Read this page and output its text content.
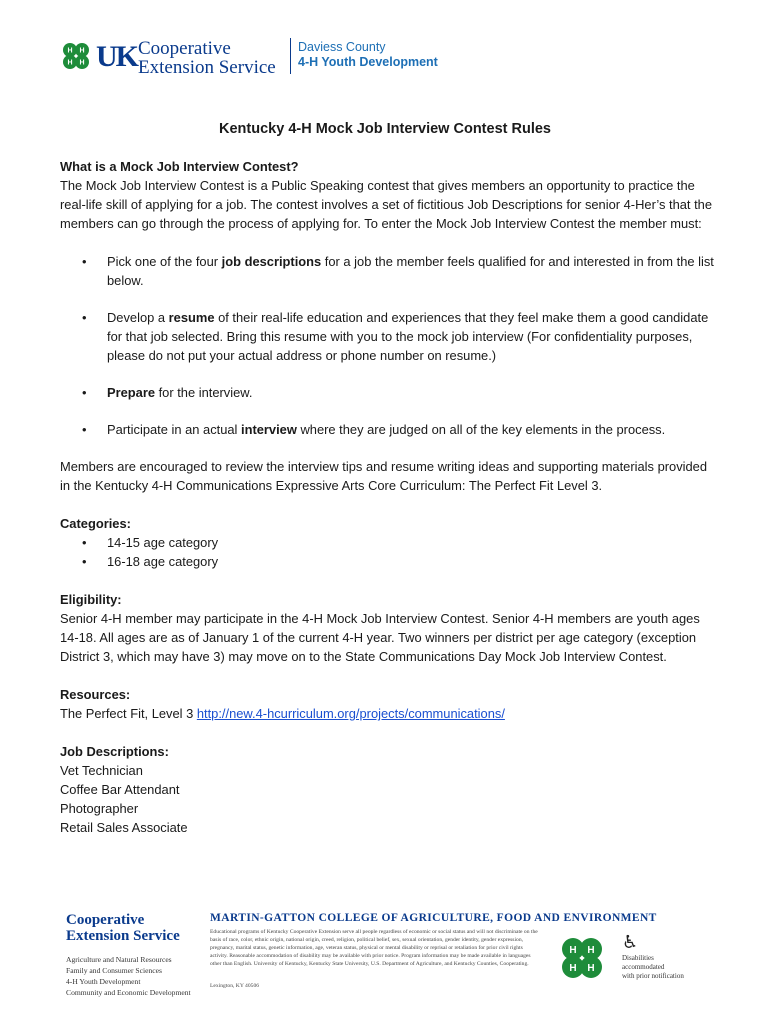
H H
H H UK Cooperative
Extension Service
Daviess County
4-H Youth Development
Kentucky 4-H Mock Job Interview Contest Rules

What is a Mock Job Interview Contest?

The Mock Job Interview Contest is a Public Speaking contest that gives members an opportunity to practice the real-life skill of applying for a job. The contest involves a set of fictitious Job Descriptions for senior 4-Her’s that the members can go through the process of applying for. To enter the Mock Job Interview Contest the member must:

• Pick one of the four job descriptions for a job the member feels qualified for and interested in from the list below.
• Develop a resume of their real-life education and experiences that they feel make them a good candidate for that job selected. Bring this resume with you to the mock job interview (For confidentiality purposes, please do not put your actual address or phone number on resume.)
• Prepare for the interview.
• Participate in an actual interview where they are judged on all of the key elements in the process.

Members are encouraged to review the interview tips and resume writing ideas and supporting materials provided in the Kentucky 4-H Communications Expressive Arts Core Curriculum: The Perfect Fit Level 3.

Categories:

• 14-15 age category
• 16-18 age category

Eligibility:

Senior 4-H member may participate in the 4-H Mock Job Interview Contest. Senior 4-H members are youth ages 14-18. All ages are as of January 1 of the current 4-H year. Two winners per district per age category (exception District 3, which may have 3) may move on to the State Communications Day Mock Job Interview Contest.

Resources:

The Perfect Fit, Level 3 http://new.4-hcurriculum.org/projects/communications/

Job Descriptions:

Vet Technician

Coffee Bar Attendant

Photographer

Retail Sales Associate

Cooperative
Extension Service
Agriculture and Natural Resources
Family and Consumer Sciences
4-H Youth Development
Community and Economic Development
MARTIN-GATTON COLLEGE OF AGRICULTURE, FOOD AND ENVIRONMENT
Educational programs of Kentucky Cooperative Extension serve all people regardless of economic or social status and will not discriminate on the basis of race, color, ethnic origin, national origin, creed, religion, political belief, sex, sexual orientation, gender identity, gender expression, pregnancy, marital status, genetic information, age, veteran status, physical or mental disability or reprisal or retaliation for prior civil rights activity. Reasonable accommodation of disability may be available with prior notice. Program information may be made available in languages other than English. University of Kentucky, Kentucky State University, U.S. Department of Agriculture, and Kentucky Counties, Cooperating.
Lexington, KY 40506
H H
H H
♿
Disabilities
accommodated
with prior notification
